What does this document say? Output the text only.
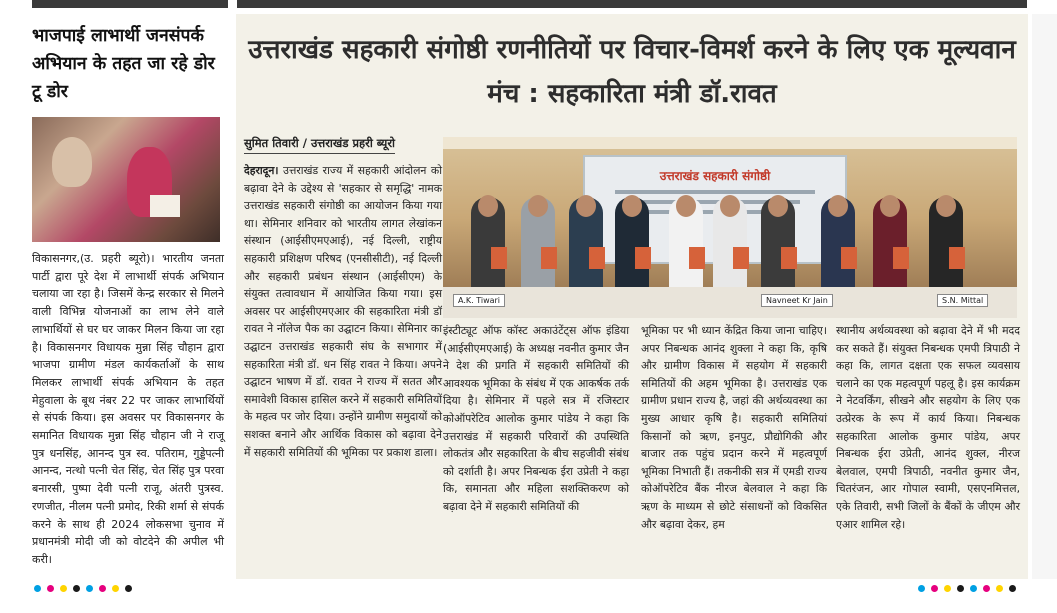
भाजपाई लाभार्थी जनसंपर्क अभियान के तहत जा रहे डोर टू डोर
विकासनगर,(उ. प्रहरी ब्यूरो)। भारतीय जनता पार्टी द्वारा पूरे देश में लाभार्थी संपर्क अभियान चलाया जा रहा है। जिसमें केन्द्र सरकार से मिलने वाली विभिन्न योजनाओं का लाभ लेने वाले लाभार्थियों से घर घर जाकर मिलन किया जा रहा है। विकासनगर विधायक मुन्ना सिंह चौहान द्वारा भाजपा ग्रामीण मंडल कार्यकर्ताओं के साथ मिलकर लाभार्थी संपर्क अभियान के तहत मेहुवाला के बूथ नंबर 22 पर जाकर लाभार्थियों से संपर्क किया। इस अवसर पर विकासनगर के समानित विधायक मुन्ना सिंह चौहान जी ने राजू पुत्र धनसिंह, आनन्द पुत्र स्व. पतिराम, गुड्डेपत्नी आनन्द, नत्थो पत्नी चेत सिंह, चेत सिंह पुत्र परवा बनारसी, पुष्पा देवी पत्नी राजू, अंतरी पुत्रस्व. रणजीत, नीलम पत्नी प्रमोद, रिकी शर्मा से संपर्क करने के साथ ही 2024 लोकसभा चुनाव में प्रधानमंत्री मोदी जी को वोटदेने की अपील भी करी।
उत्तराखंड सहकारी संगोष्ठी रणनीतियों पर विचार-विमर्श करने के लिए एक मूल्यवान मंच : सहकारिता मंत्री डॉ.रावत
सुमित तिवारी / उत्तराखंड प्रहरी ब्यूरो
देहरादून। उत्तराखंड राज्य में सहकारी आंदोलन को बढ़ावा देने के उद्देश्य से 'सहकार से समृद्धि' नामक उत्तराखंड सहकारी संगोष्ठी का आयोजन किया गया था। सेमिनार शनिवार को भारतीय लागत लेखांकन संस्थान (आईसीएमएआई), नई दिल्ली, राष्ट्रीय सहकारी प्रशिक्षण परिषद (एनसीसीटी), नई दिल्ली और सहकारी प्रबंधन संस्थान (आईसीएम) के संयुक्त तत्वावधान में आयोजित किया गया। इस अवसर पर आईसीएमएआर की सहकारिता मंत्री डॉ रावत ने नॉलेज पैक का उद्घाटन किया। सेमिनार का उद्घाटन उत्तराखंड सहकारी संघ के सभागार में सहकारिता मंत्री डॉ. धन सिंह रावत ने किया। अपने उद्घाटन भाषण में डॉ. रावत ने राज्य में सतत और समावेशी विकास हासिल करने में सहकारी समितियों के महत्व पर जोर दिया। उन्होंने ग्रामीण समुदायों को सशक्त बनाने और आर्थिक विकास को बढ़ावा देने में सहकारी समितियों की भूमिका पर प्रकाश डाला।
उत्तराखंड सहकारी संगोष्ठी
A.K. Tiwari	Navneet Kr Jain	S.N. Mittal
इंस्टीट्यूट ऑफ कॉस्ट अकाउंटेंट्स ऑफ इंडिया (आईसीएमएआई) के अध्यक्ष नवनीत कुमार जैन ने देश की प्रगति में सहकारी समितियों की आवश्यक भूमिका के संबंध में एक आकर्षक तर्क दिया है। सेमिनार में पहले सत्र में रजिस्टार कोऑपरेटिव आलोक कुमार पांडेय ने कहा कि उत्तराखंड में सहकारी परिवारों की उपस्थिति लोकतंत्र और सहकारिता के बीच सहजीवी संबंध को दर्शाती है। अपर निबन्धक ईरा उप्रेती ने कहा कि, समानता और महिला सशक्तिकरण को बढ़ावा देने में सहकारी समितियों की
भूमिका पर भी ध्यान केंद्रित किया जाना चाहिए। अपर निबन्धक आनंद शुक्ला ने कहा कि, कृषि और ग्रामीण विकास में सहयोग में सहकारी समितियों की अहम भूमिका है। उत्तराखंड एक ग्रामीण प्रधान राज्य है, जहां की अर्थव्यवस्था का मुख्य आधार कृषि है। सहकारी समितियां किसानों को ऋण, इनपुट, प्रौद्योगिकी और बाजार तक पहुंच प्रदान करने में महत्वपूर्ण भूमिका निभाती हैं। तकनीकी सत्र में एमडी राज्य कोऑपरेटिव बैंक नीरज बेलवाल ने कहा कि ऋण के माध्यम से छोटे संसाधनों को विकसित और बढ़ावा देकर, हम
स्थानीय अर्थव्यवस्था को बढ़ावा देने में भी मदद कर सकते हैं। संयुक्त निबन्धक एमपी त्रिपाठी ने कहा कि, लागत दक्षता एक सफल व्यवसाय चलाने का एक महत्वपूर्ण पहलू है। इस कार्यक्रम ने नेटवर्किंग, सीखने और सहयोग के लिए एक उत्प्रेरक के रूप में कार्य किया। निबन्धक सहकारिता आलोक कुमार पांडेय, अपर निबन्धक ईरा उप्रेती, आनंद शुक्ल, नीरज बेलवाल, एमपी त्रिपाठी, नवनीत कुमार जैन, चितरंजन, आर गोपाल स्वामी, एसएनमित्तल, एके तिवारी, सभी जिलों के बैंकों के जीएम और एआर शामिल रहे।
